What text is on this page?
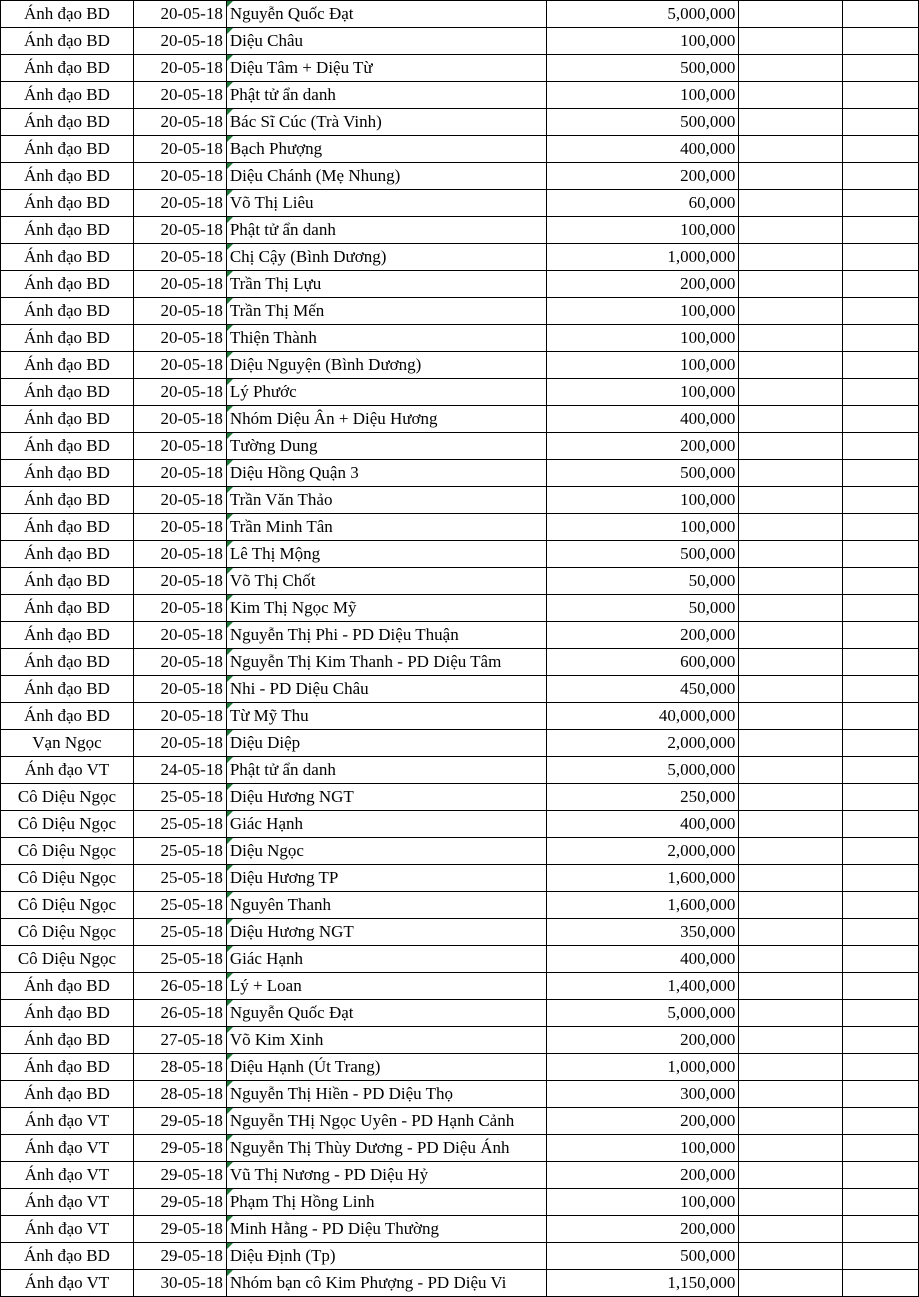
Ánh đạo BD	20-05-18	Nguyễn Quốc Đạt	5,000,000		
Ánh đạo BD	20-05-18	Diệu Châu	100,000		
Ánh đạo BD	20-05-18	Diệu Tâm + Diệu Từ	500,000		
Ánh đạo BD	20-05-18	Phật tử ẩn danh	100,000		
Ánh đạo BD	20-05-18	Bác Sĩ Cúc (Trà Vinh)	500,000		
Ánh đạo BD	20-05-18	Bạch Phượng	400,000		
Ánh đạo BD	20-05-18	Diệu Chánh (Mẹ Nhung)	200,000		
Ánh đạo BD	20-05-18	Võ Thị Liêu	60,000		
Ánh đạo BD	20-05-18	Phật tử ẩn danh	100,000		
Ánh đạo BD	20-05-18	Chị Cậy (Bình Dương)	1,000,000		
Ánh đạo BD	20-05-18	Trần Thị Lựu	200,000		
Ánh đạo BD	20-05-18	Trần Thị Mến	100,000		
Ánh đạo BD	20-05-18	Thiện Thành	100,000		
Ánh đạo BD	20-05-18	Diệu Nguyện (Bình Dương)	100,000		
Ánh đạo BD	20-05-18	Lý Phước	100,000		
Ánh đạo BD	20-05-18	Nhóm Diệu Ân + Diệu Hương	400,000		
Ánh đạo BD	20-05-18	Tường Dung	200,000		
Ánh đạo BD	20-05-18	Diệu Hồng Quận 3	500,000		
Ánh đạo BD	20-05-18	Trần Văn Thảo	100,000		
Ánh đạo BD	20-05-18	Trần Minh Tân	100,000		
Ánh đạo BD	20-05-18	Lê Thị Mộng	500,000		
Ánh đạo BD	20-05-18	Võ Thị Chốt	50,000		
Ánh đạo BD	20-05-18	Kim Thị Ngọc Mỹ	50,000		
Ánh đạo BD	20-05-18	Nguyễn Thị Phi - PD Diệu Thuận	200,000		
Ánh đạo BD	20-05-18	Nguyễn Thị Kim Thanh - PD Diệu Tâm	600,000		
Ánh đạo BD	20-05-18	Nhi - PD Diệu Châu	450,000		
Ánh đạo BD	20-05-18	Từ Mỹ Thu	40,000,000		
Vạn Ngọc	20-05-18	Diệu Diệp	2,000,000		
Ánh đạo VT	24-05-18	Phật tử ẩn danh	5,000,000		
Cô Diệu Ngọc	25-05-18	Diệu Hương NGT	250,000		
Cô Diệu Ngọc	25-05-18	Giác Hạnh	400,000		
Cô Diệu Ngọc	25-05-18	Diệu Ngọc	2,000,000		
Cô Diệu Ngọc	25-05-18	Diệu Hương TP	1,600,000		
Cô Diệu Ngọc	25-05-18	Nguyên Thanh	1,600,000		
Cô Diệu Ngọc	25-05-18	Diệu Hương NGT	350,000		
Cô Diệu Ngọc	25-05-18	Giác Hạnh	400,000		
Ánh đạo BD	26-05-18	Lý + Loan	1,400,000		
Ánh đạo BD	26-05-18	Nguyễn Quốc Đạt	5,000,000		
Ánh đạo BD	27-05-18	Võ Kim Xinh	200,000		
Ánh đạo BD	28-05-18	Diệu Hạnh (Út Trang)	1,000,000		
Ánh đạo BD	28-05-18	Nguyễn Thị Hiền - PD Diệu Thọ	300,000		
Ánh đạo VT	29-05-18	Nguyễn THị Ngọc Uyên - PD Hạnh Cảnh	200,000		
Ánh đạo VT	29-05-18	Nguyễn Thị Thùy Dương - PD Diệu Ánh	100,000		
Ánh đạo VT	29-05-18	Vũ Thị Nương - PD Diệu Hỷ	200,000		
Ánh đạo VT	29-05-18	Phạm Thị Hồng Linh	100,000		
Ánh đạo VT	29-05-18	Minh Hằng - PD Diệu Thường	200,000		
Ánh đạo BD	29-05-18	Diệu Định (Tp)	500,000		
Ánh đạo VT	30-05-18	Nhóm bạn cô Kim Phượng - PD Diệu Vi	1,150,000		
